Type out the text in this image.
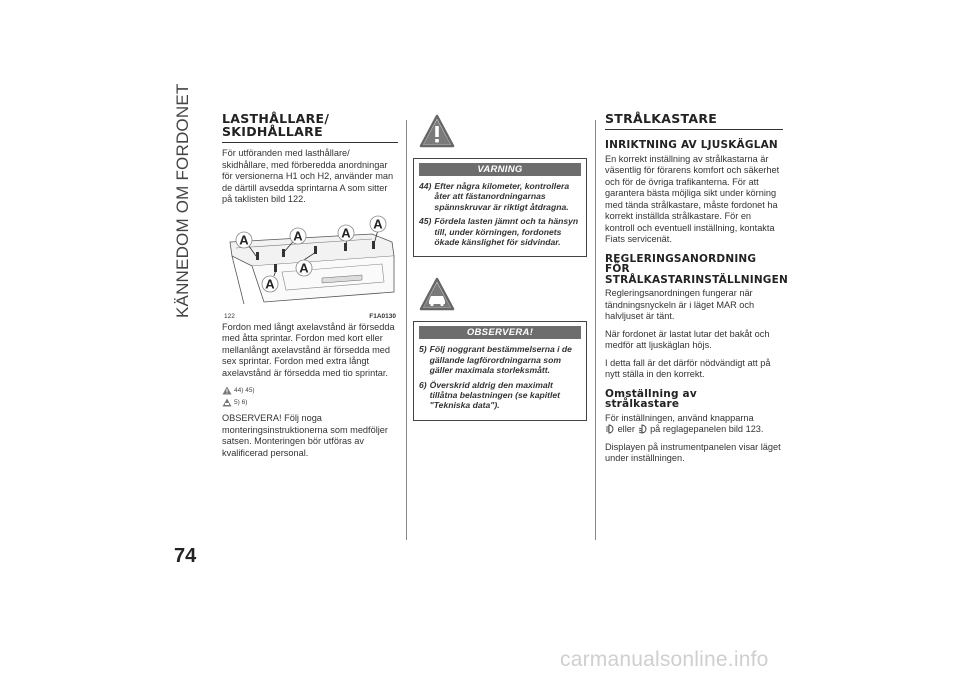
KÄNNEDOM OM FORDONET
74
LASTHÅLLARE/
SKIDHÅLLARE

För utföranden med lasthållare/ skidhållare, med förberedda anordningar för versionerna H1 och H2, använder man de därtill avsedda sprintarna A som sitter på taklisten bild 122.

A	A	A
A
A
A
122	F1A0130

Fordon med långt axelavstånd är försedda med åtta sprintar. Fordon med kort eller mellanlångt axelavstånd är försedda med sex sprintar. Fordon med extra långt axelavstånd är försedda med tio sprintar.

44) 45)
5) 6)

OBSERVERA! Följ noga monteringsinstruktionerna som medföljer satsen. Monteringen bör utföras av kvalificerad personal.

VARNING
44) Efter några kilometer, kontrollera åter att fästanordningarnas spännskruvar är riktigt åtdragna.
45) Fördela lasten jämnt och ta hänsyn till, under körningen, fordonets ökade känslighet för sidvindar.
OBSERVERA!
5) Följ noggrant bestämmelserna i de gällande lagförordningarna som gäller maximala storleksmått.
6) Överskrid aldrig den maximalt tillåtna belastningen (se kapitlet "Tekniska data").
STRÅLKASTARE
INRIKTNING AV LJUSKÄGLAN

En korrekt inställning av strålkastarna är väsentlig för förarens komfort och säkerhet och för de övriga trafikanterna. För att garantera bästa möjliga sikt under körning med tända strålkastare, måste fordonet ha korrekt inställda strålkastare. För en kontroll och eventuell inställning, kontakta Fiats servicenät.

REGLERINGSANORDNING
FÖR
STRÅLKASTARINSTÄLLNINGEN

Regleringsanordningen fungerar när tändningsnyckeln är i läget MAR och halvljuset är tänt.

När fordonet är lastat lutar det bakåt och medför att ljuskäglan höjs.

I detta fall är det därför nödvändigt att på nytt ställa in den korrekt.

Omställning av
strålkastare

För inställningen, använd knapparna
eller på reglagepanelen bild 123.

Displayen på instrumentpanelen visar läget under inställningen.

carmanualsonline.info
